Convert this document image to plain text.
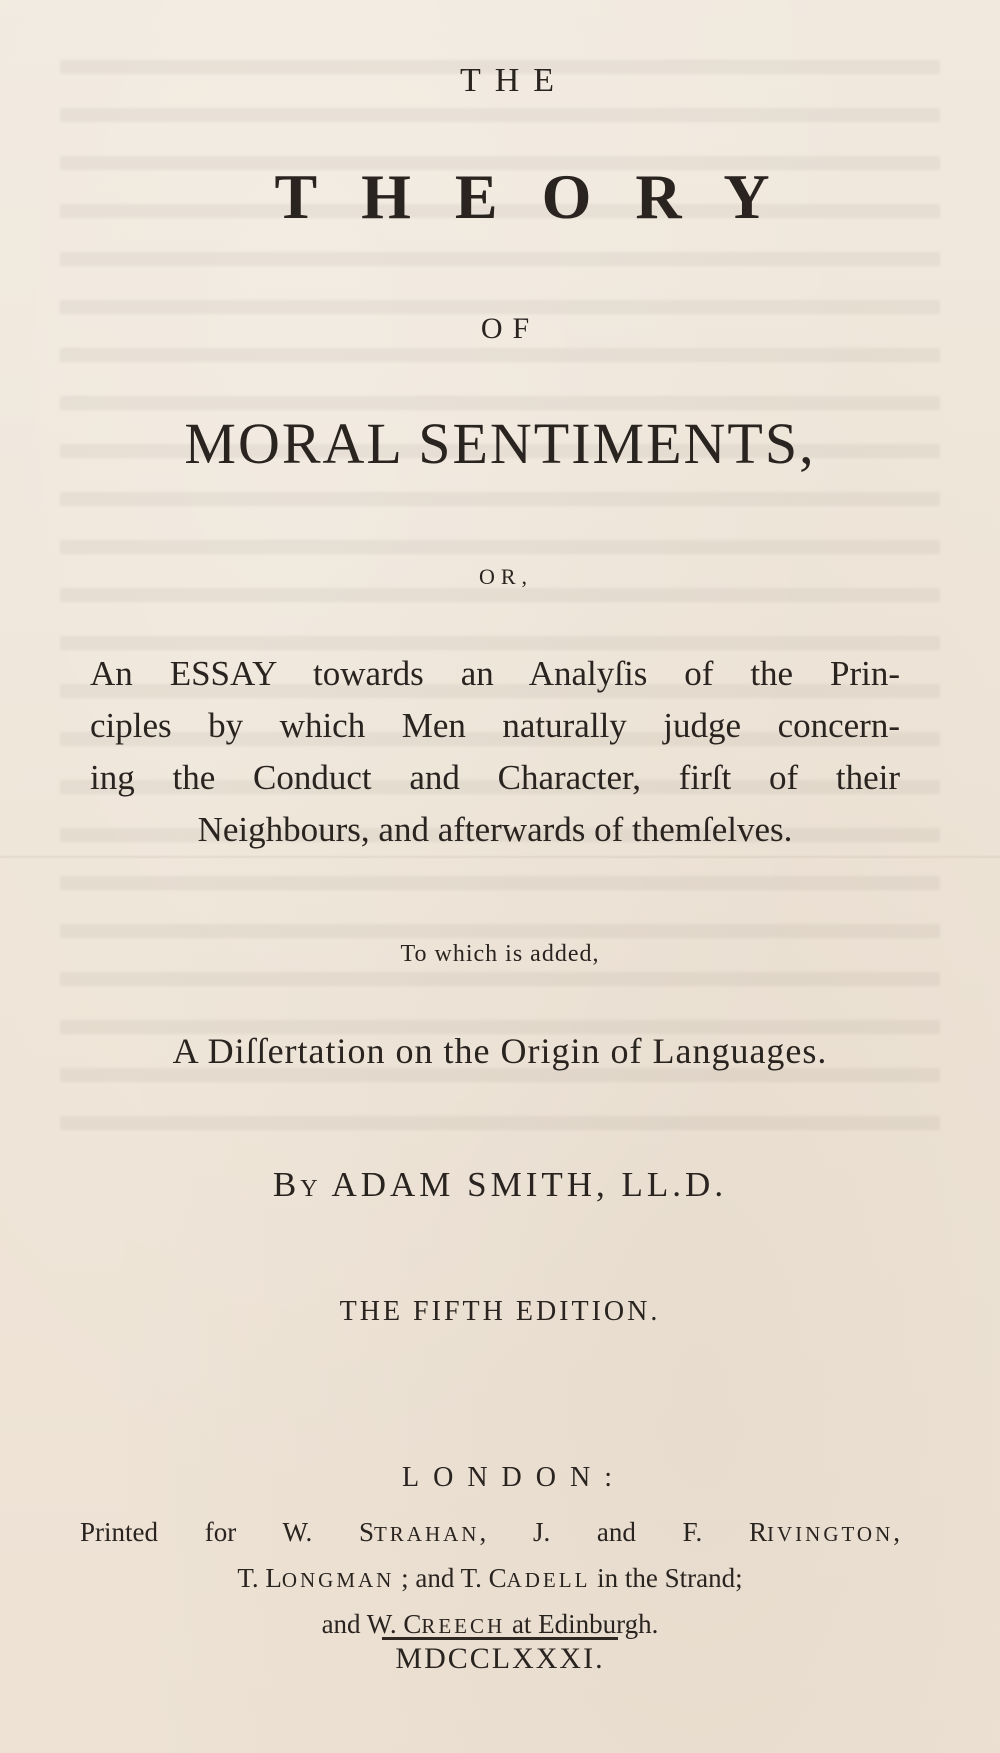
THE
THEORY
OF
MORAL SENTIMENTS,
OR,
An ESSAY towards an Analyſis of the Prin-
ciples by which Men naturally judge concern-
ing the Conduct and Character, firſt of their
Neighbours, and afterwards of themſelves.
To which is added,
A Diſſertation on the Origin of Languages.
BY ADAM SMITH, LL.D.
THE FIFTH EDITION.
LONDON:
Printed for W. STRAHAN, J. and F. RIVINGTON,
T. LONGMAN ; and T. CADELL in the Strand;
and W. CREECH at Edinburgh.
MDCCLXXXI.
